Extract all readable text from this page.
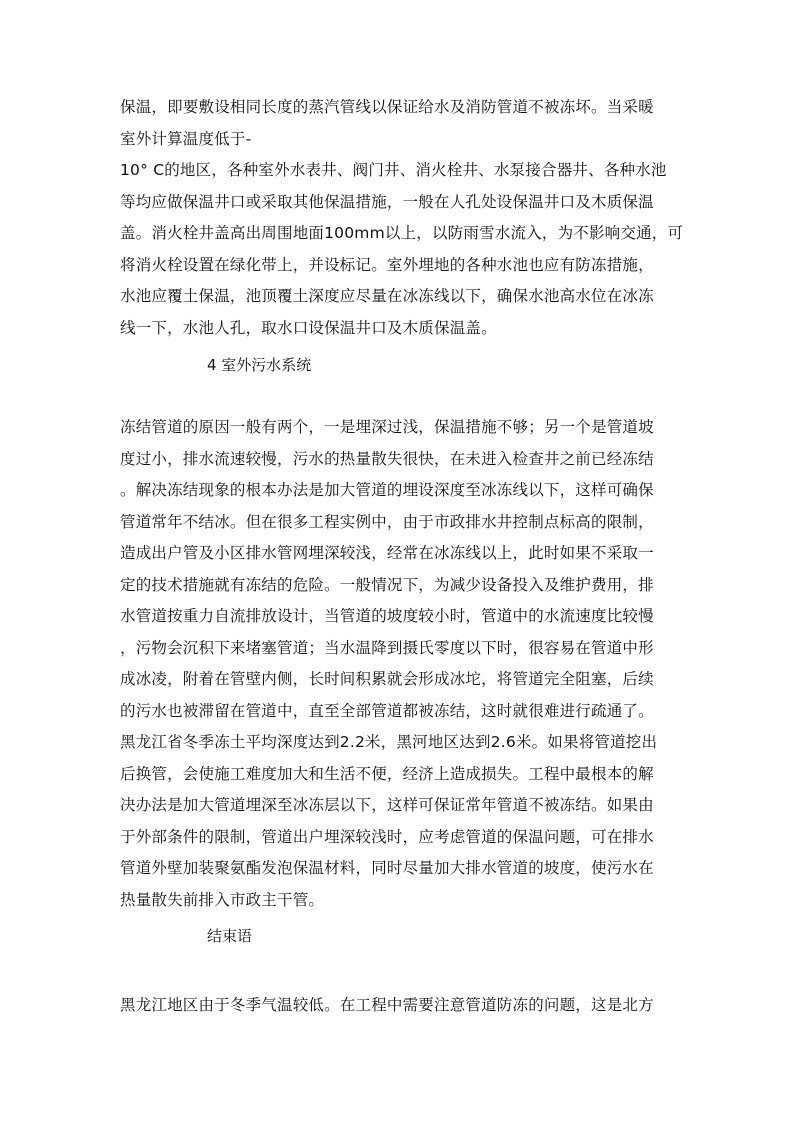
保温，即要敷设相同长度的蒸汽管线以保证给水及消防管道不被冻坏。当采暖
室外计算温度低于-
10° C的地区，各种室外水表井、阀门井、消火栓井、水泵接合器井、各种水池
等均应做保温井口或采取其他保温措施，一般在人孔处设保温井口及木质保温
盖。消火栓井盖高出周围地面100mm以上，以防雨雪水流入，为不影响交通，可
将消火栓设置在绿化带上，并设标记。室外埋地的各种水池也应有防冻措施，
水池应覆土保温，池顶覆土深度应尽量在冰冻线以下，确保水池高水位在冰冻
线一下，水池人孔，取水口设保温井口及木质保温盖。
4 室外污水系统
冻结管道的原因一般有两个，一是埋深过浅，保温措施不够；另一个是管道坡
度过小，排水流速较慢，污水的热量散失很快，在未进入检查井之前已经冻结
。解决冻结现象的根本办法是加大管道的埋设深度至冰冻线以下，这样可确保
管道常年不结冰。但在很多工程实例中，由于市政排水井控制点标高的限制，
造成出户管及小区排水管网埋深较浅，经常在冰冻线以上，此时如果不采取一
定的技术措施就有冻结的危险。一般情况下，为减少设备投入及维护费用，排
水管道按重力自流排放设计，当管道的坡度较小时，管道中的水流速度比较慢
，污物会沉积下来堵塞管道；当水温降到摄氏零度以下时，很容易在管道中形
成冰凌，附着在管壁内侧，长时间积累就会形成冰坨，将管道完全阻塞，后续
的污水也被滞留在管道中，直至全部管道都被冻结，这时就很难进行疏通了。
黑龙江省冬季冻土平均深度达到2.2米，黑河地区达到2.6米。如果将管道挖出
后换管，会使施工难度加大和生活不便，经济上造成损失。工程中最根本的解
决办法是加大管道埋深至冰冻层以下，这样可保证常年管道不被冻结。如果由
于外部条件的限制，管道出户埋深较浅时，应考虑管道的保温问题，可在排水
管道外壁加装聚氨酯发泡保温材料，同时尽量加大排水管道的坡度，使污水在
热量散失前排入市政主干管。
结束语
黑龙江地区由于冬季气温较低。在工程中需要注意管道防冻的问题，这是北方
